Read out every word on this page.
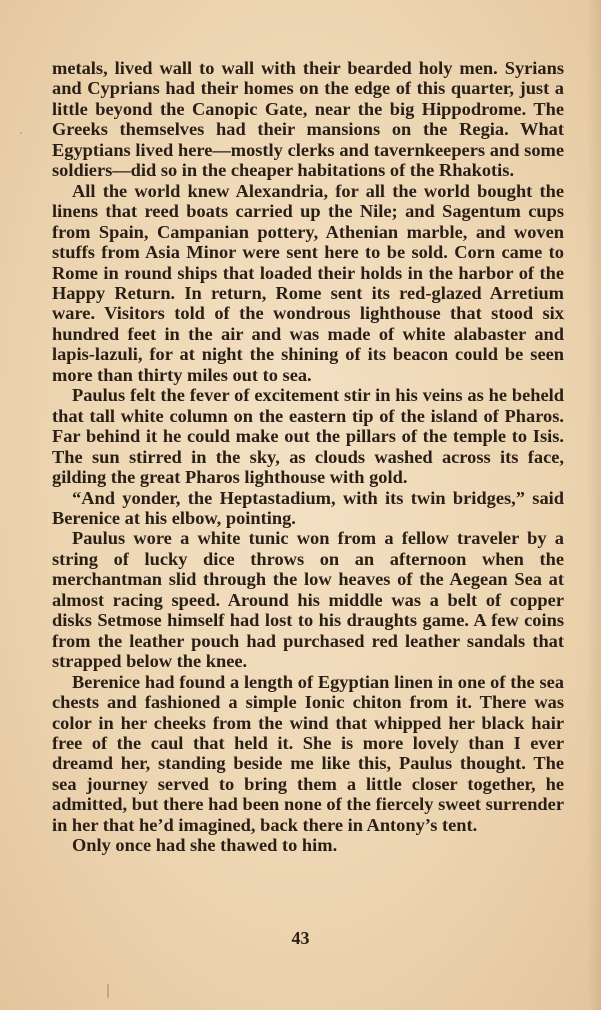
metals, lived wall to wall with their bearded holy men. Syrians and Cyprians had their homes on the edge of this quarter, just a little beyond the Canopic Gate, near the big Hippodrome. The Greeks themselves had their mansions on the Regia. What Egyptians lived here—mostly clerks and tavernkeepers and some soldiers—did so in the cheaper habitations of the Rhakotis.

All the world knew Alexandria, for all the world bought the linens that reed boats carried up the Nile; and Sagentum cups from Spain, Campanian pottery, Athenian marble, and woven stuffs from Asia Minor were sent here to be sold. Corn came to Rome in round ships that loaded their holds in the harbor of the Happy Return. In return, Rome sent its red-glazed Arretium ware. Visitors told of the wondrous lighthouse that stood six hundred feet in the air and was made of white alabaster and lapis-lazuli, for at night the shining of its beacon could be seen more than thirty miles out to sea.

Paulus felt the fever of excitement stir in his veins as he beheld that tall white column on the eastern tip of the island of Pharos. Far behind it he could make out the pillars of the temple to Isis. The sun stirred in the sky, as clouds washed across its face, gilding the great Pharos lighthouse with gold.

“And yonder, the Heptastadium, with its twin bridges,” said Berenice at his elbow, pointing.

Paulus wore a white tunic won from a fellow traveler by a string of lucky dice throws on an afternoon when the merchantman slid through the low heaves of the Aegean Sea at almost racing speed. Around his middle was a belt of copper disks Setmose himself had lost to his draughts game. A few coins from the leather pouch had purchased red leather sandals that strapped below the knee.

Berenice had found a length of Egyptian linen in one of the sea chests and fashioned a simple Ionic chiton from it. There was color in her cheeks from the wind that whipped her black hair free of the caul that held it. She is more lovely than I ever dreamd her, standing beside me like this, Paulus thought. The sea journey served to bring them a little closer together, he admitted, but there had been none of the fiercely sweet surrender in her that he’d imagined, back there in Antony’s tent.

Only once had she thawed to him.

43
